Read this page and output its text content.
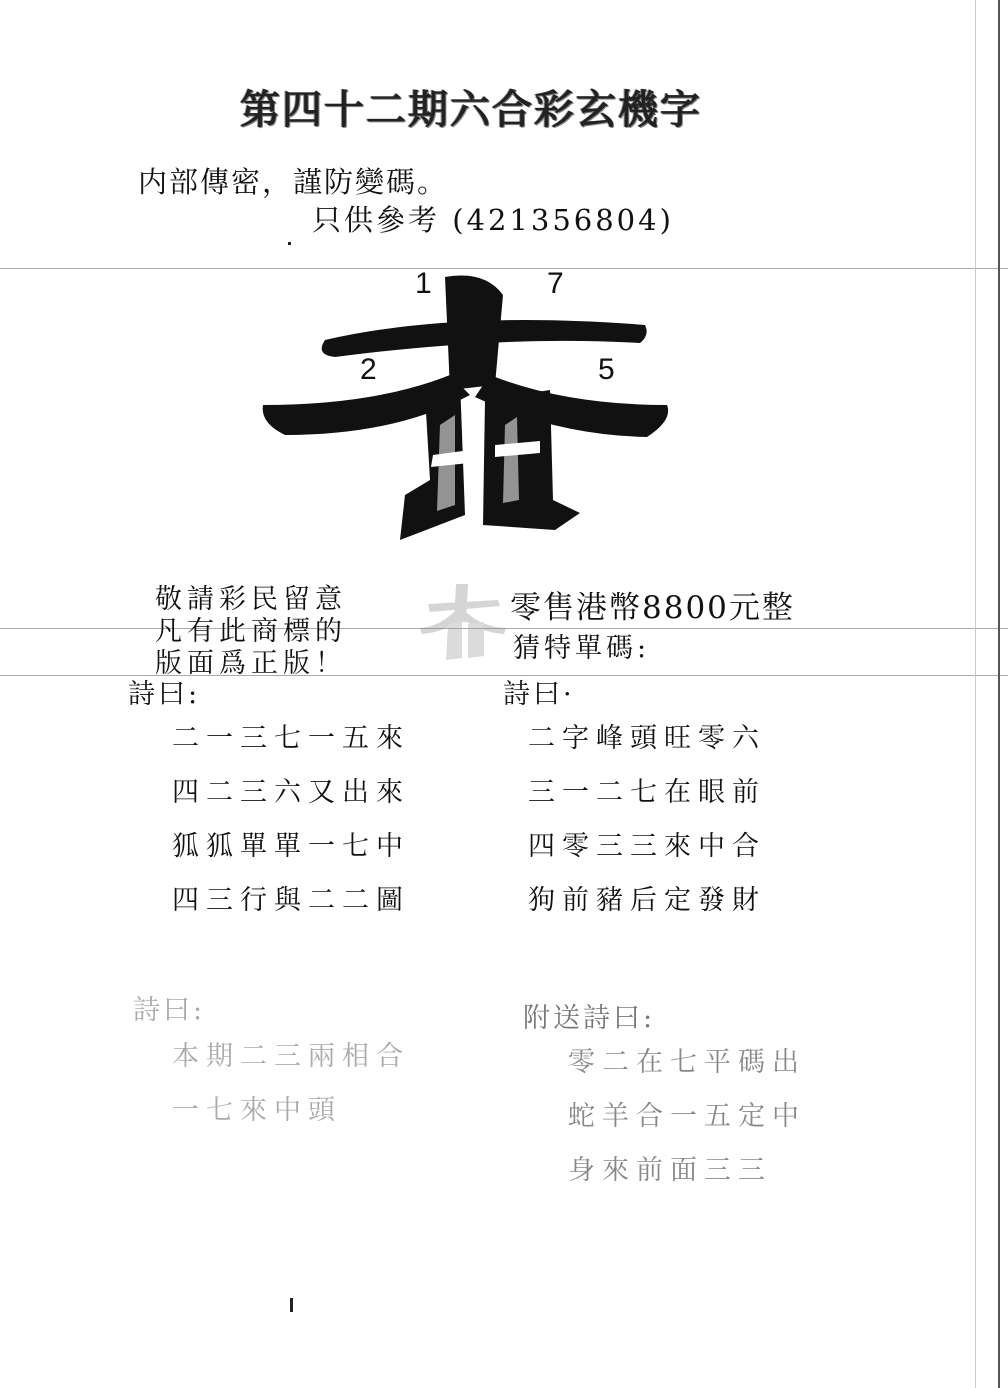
第四十二期六合彩玄機字
内部傳密，謹防變碼。
只供參考 (421356804)
1	7
2	5
敬請彩民留意
凡有此商標的
版面爲正版！
零售港幣8800元整
猜特單碼:
詩曰:
二一三七一五來
四二三六又出來
狐狐單單一七中
四三行與二二圖
詩曰·
二字峰頭旺零六
三一二七在眼前
四零三三來中合
狗前豬后定發財
詩曰:
本期二三兩相合
一七來中頭
附送詩曰:
零二在七平碼出
蛇羊合一五定中
身來前面三三
